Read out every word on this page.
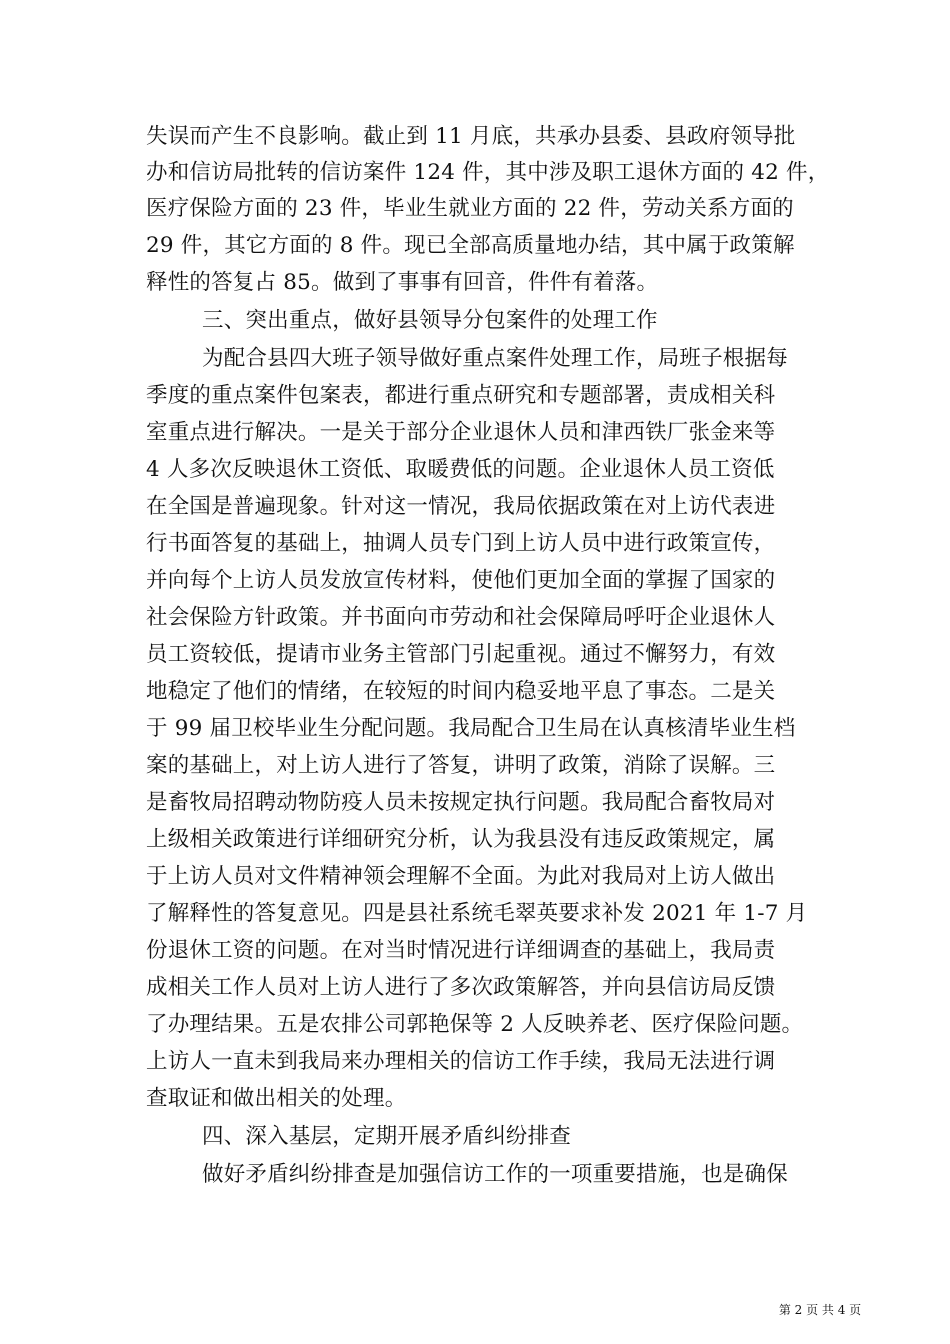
失误而产生不良影响。截止到 11 月底，共承办县委、县政府领导批
办和信访局批转的信访案件 124 件，其中涉及职工退休方面的 42 件，
医疗保险方面的 23 件，毕业生就业方面的 22 件，劳动关系方面的
29 件，其它方面的 8 件。现已全部高质量地办结，其中属于政策解
释性的答复占 85。做到了事事有回音，件件有着落。
三、突出重点，做好县领导分包案件的处理工作
为配合县四大班子领导做好重点案件处理工作，局班子根据每
季度的重点案件包案表，都进行重点研究和专题部署，责成相关科
室重点进行解决。一是关于部分企业退休人员和津西铁厂张金来等
4 人多次反映退休工资低、取暖费低的问题。企业退休人员工资低
在全国是普遍现象。针对这一情况，我局依据政策在对上访代表进
行书面答复的基础上，抽调人员专门到上访人员中进行政策宣传，
并向每个上访人员发放宣传材料，使他们更加全面的掌握了国家的
社会保险方针政策。并书面向市劳动和社会保障局呼吁企业退休人
员工资较低，提请市业务主管部门引起重视。通过不懈努力，有效
地稳定了他们的情绪，在较短的时间内稳妥地平息了事态。二是关
于 99 届卫校毕业生分配问题。我局配合卫生局在认真核清毕业生档
案的基础上，对上访人进行了答复，讲明了政策，消除了误解。三
是畜牧局招聘动物防疫人员未按规定执行问题。我局配合畜牧局对
上级相关政策进行详细研究分析，认为我县没有违反政策规定，属
于上访人员对文件精神领会理解不全面。为此对我局对上访人做出
了解释性的答复意见。四是县社系统毛翠英要求补发 2021 年 1-7 月
份退休工资的问题。在对当时情况进行详细调查的基础上，我局责
成相关工作人员对上访人进行了多次政策解答，并向县信访局反馈
了办理结果。五是农排公司郭艳保等 2 人反映养老、医疗保险问题。
上访人一直未到我局来办理相关的信访工作手续，我局无法进行调
查取证和做出相关的处理。
四、深入基层，定期开展矛盾纠纷排查
做好矛盾纠纷排查是加强信访工作的一项重要措施，也是确保
第 2 页 共 4 页
